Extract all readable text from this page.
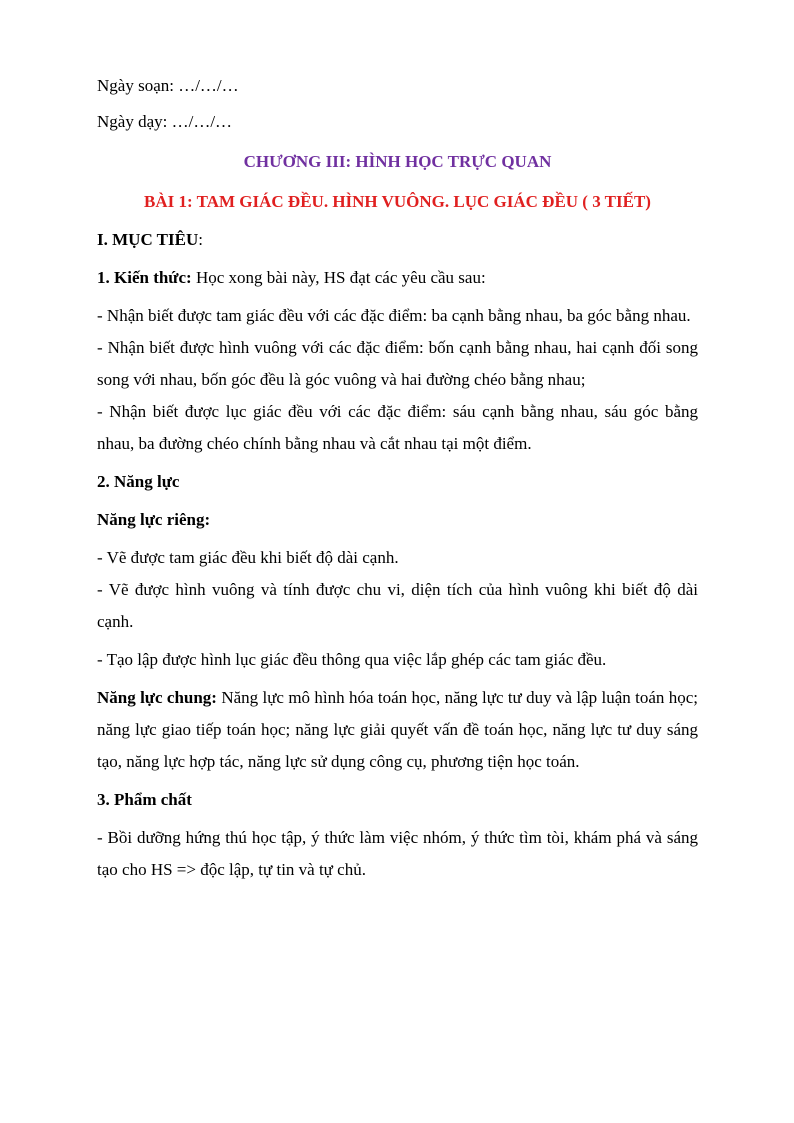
Ngày soạn: …/…/…

Ngày dạy: …/…/…

CHƯƠNG III: HÌNH HỌC TRỰC QUAN

BÀI 1: TAM GIÁC ĐỀU. HÌNH VUÔNG. LỤC GIÁC ĐỀU ( 3 TIẾT)

I. MỤC TIÊU:

1. Kiến thức: Học xong bài này, HS đạt các yêu cầu sau:

- Nhận biết được tam giác đều với các đặc điểm: ba cạnh bằng nhau, ba góc bằng nhau.

- Nhận biết được hình vuông với các đặc điểm: bốn cạnh bằng nhau, hai cạnh đối song song với nhau, bốn góc đều là góc vuông và hai đường chéo bằng nhau;

- Nhận biết được lục giác đều với các đặc điểm: sáu cạnh bằng nhau, sáu góc bằng nhau, ba đường chéo chính bằng nhau và cắt nhau tại một điểm.

2. Năng lực

Năng lực riêng:

- Vẽ được tam giác đều khi biết độ dài cạnh.

- Vẽ được hình vuông và tính được chu vi, diện tích của hình vuông khi biết độ dài cạnh.

- Tạo lập được hình lục giác đều thông qua việc lắp ghép các tam giác đều.

Năng lực chung: Năng lực mô hình hóa toán học, năng lực tư duy và lập luận toán học; năng lực giao tiếp toán học; năng lực giải quyết vấn đề toán học, năng lực tư duy sáng tạo, năng lực hợp tác, năng lực sử dụng công cụ, phương tiện học toán.

3. Phẩm chất

- Bồi dưỡng hứng thú học tập, ý thức làm việc nhóm, ý thức tìm tòi, khám phá và sáng tạo cho HS => độc lập, tự tin và tự chủ.
